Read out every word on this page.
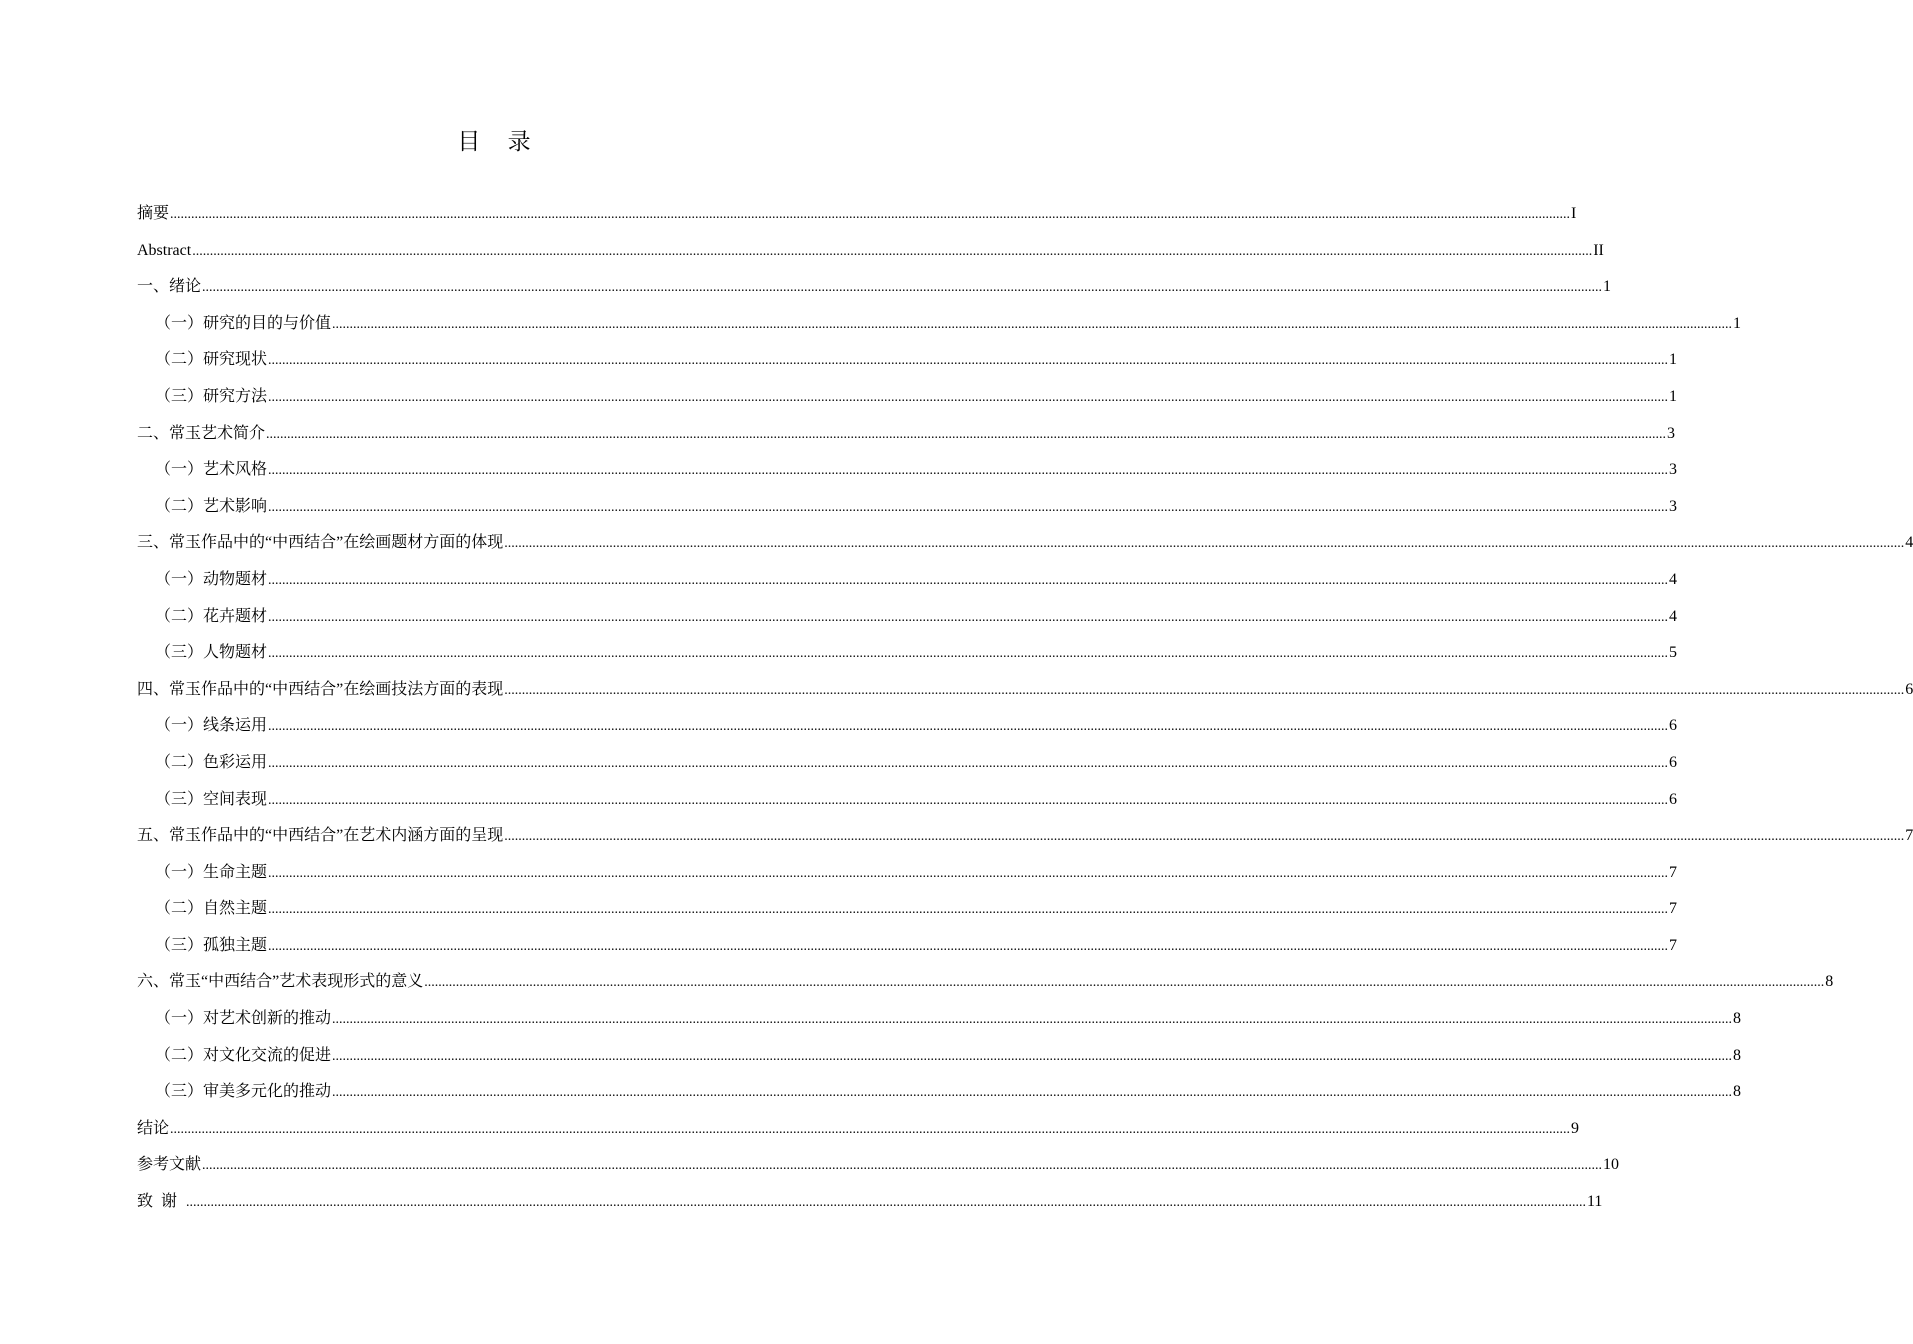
目 录
摘要 ................................................................................................................................................................................................................................................................................................................................................................................................................ I
Abstract ................................................................................................................................................................................................................................................................................................................................................................................................................ II
一、绪论 ................................................................................................................................................................................................................................................................................................................................................................................................................ 1
（一）研究的目的与价值 ................................................................................................................................................................................................................................................................................................................................................................................................................ 1
（二）研究现状 ................................................................................................................................................................................................................................................................................................................................................................................................................ 1
（三）研究方法 ................................................................................................................................................................................................................................................................................................................................................................................................................ 1
二、常玉艺术简介 ................................................................................................................................................................................................................................................................................................................................................................................................................ 3
（一）艺术风格 ................................................................................................................................................................................................................................................................................................................................................................................................................ 3
（二）艺术影响 ................................................................................................................................................................................................................................................................................................................................................................................................................ 3
三、常玉作品中的“中西结合”在绘画题材方面的体现 ................................................................................................................................................................................................................................................................................................................................................................................................................ 4
（一）动物题材 ................................................................................................................................................................................................................................................................................................................................................................................................................ 4
（二）花卉题材 ................................................................................................................................................................................................................................................................................................................................................................................................................ 4
（三）人物题材 ................................................................................................................................................................................................................................................................................................................................................................................................................ 5
四、常玉作品中的“中西结合”在绘画技法方面的表现 ................................................................................................................................................................................................................................................................................................................................................................................................................ 6
（一）线条运用 ................................................................................................................................................................................................................................................................................................................................................................................................................ 6
（二）色彩运用 ................................................................................................................................................................................................................................................................................................................................................................................................................ 6
（三）空间表现 ................................................................................................................................................................................................................................................................................................................................................................................................................ 6
五、常玉作品中的“中西结合”在艺术内涵方面的呈现 ................................................................................................................................................................................................................................................................................................................................................................................................................ 7
（一）生命主题 ................................................................................................................................................................................................................................................................................................................................................................................................................ 7
（二）自然主题 ................................................................................................................................................................................................................................................................................................................................................................................................................ 7
（三）孤独主题 ................................................................................................................................................................................................................................................................................................................................................................................................................ 7
六、常玉“中西结合”艺术表现形式的意义 ................................................................................................................................................................................................................................................................................................................................................................................................................ 8
（一）对艺术创新的推动 ................................................................................................................................................................................................................................................................................................................................................................................................................ 8
（二）对文化交流的促进 ................................................................................................................................................................................................................................................................................................................................................................................................................ 8
（三）审美多元化的推动 ................................................................................................................................................................................................................................................................................................................................................................................................................ 8
结论 ................................................................................................................................................................................................................................................................................................................................................................................................................ 9
参考文献 ................................................................................................................................................................................................................................................................................................................................................................................................................ 10
致谢 ................................................................................................................................................................................................................................................................................................................................................................................................................ 11
